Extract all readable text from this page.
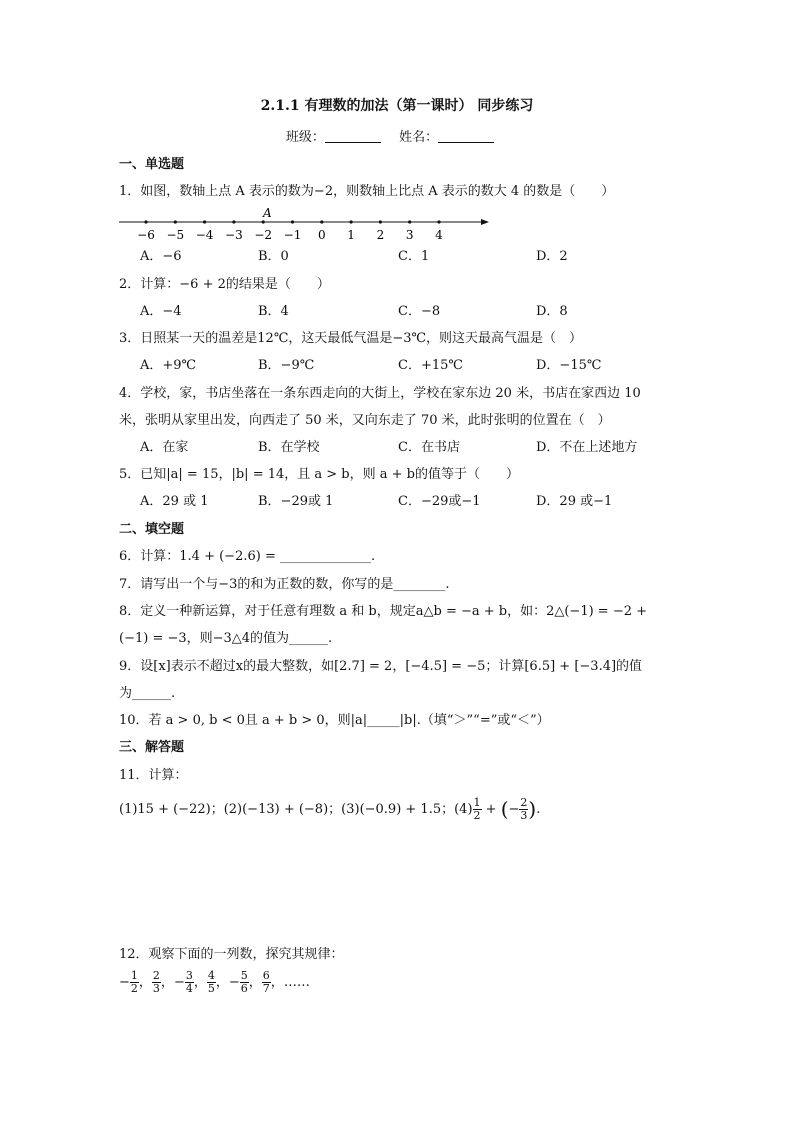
2.1.1 有理数的加法（第一课时） 同步练习
班级：	姓名：
一、单选题
1．如图，数轴上点 A 表示的数为−2，则数轴上比点 A 表示的数大 4 的数是（　　）
−6 −5 −4 −3 −2 −1 0 1 2 3 4
A
A．−6	B．0	C．1	D．2
2．计算：−6 + 2的结果是（　　）
A．−4	B．4	C．−8	D．8
3．日照某一天的温差是12℃，这天最低气温是−3℃，则这天最高气温是（　）
A．+9℃	B．−9℃	C．+15℃	D．−15℃
4．学校，家，书店坐落在一条东西走向的大街上，学校在家东边 20 米，书店在家西边 10
米，张明从家里出发，向西走了 50 米，又向东走了 70 米，此时张明的位置在（　）
A．在家	B．在学校	C．在书店	D．不在上述地方
5．已知|a| = 15，|b| = 14，且 a > b，则 a + b的值等于（　　）
A．29 或 1	B．−29或 1	C．−29或−1	D．29 或−1
二、填空题
6．计算：1.4 + (−2.6) = ______________.
7．请写出一个与−3的和为正数的数，你写的是________.
8．定义一种新运算，对于任意有理数 a 和 b，规定a△b = −a + b，如：2△(−1) = −2 +
(−1) = −3，则−3△4的值为______.
9．设[x]表示不超过x的最大整数，如[2.7] = 2，[−4.5] = −5；计算[6.5] + [−3.4]的值
为______.
10．若 a > 0, b < 0且 a + b > 0，则|a|_____|b|.（填“＞”“=”或“＜”）
三、解答题
11．计算：
(1)15 + (−22)；(2)(−13) + (−8)；(3)(−0.9) + 1.5；$(4) \frac{1}{2}$ + (− $\frac{2}{3}$ ).
12．观察下面的一列数，探究其规律：
− $\frac{1}{2}$ ， $\frac{2}{3}$ ，− $\frac{3}{4}$ ， $\frac{4}{5}$ ，− $\frac{5}{6}$ ， $\frac{6}{7}$ ，……
